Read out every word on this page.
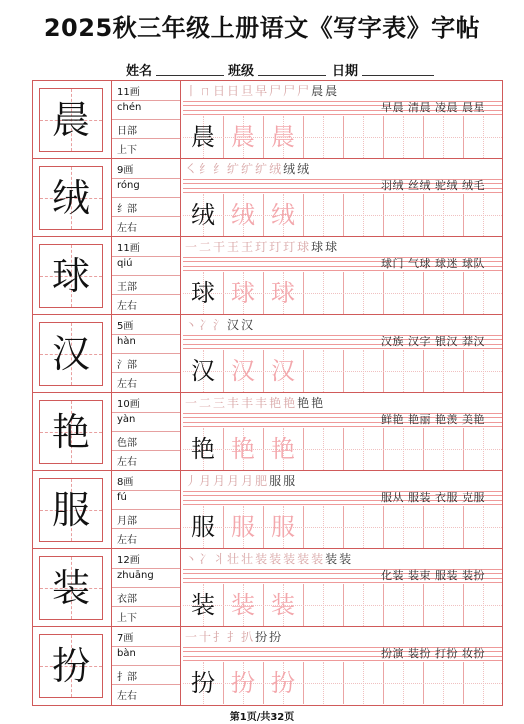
2025秋三年级上册语文《写字表》字帖
姓名	班级	日期
晨
11画
chén
日部
上下
丨ㄇ日日旦早尸尸尸晨晨
晨 晨 晨
早晨 清晨 凌晨 晨星
绒
9画
róng
纟部
左右
㇛纟纟纩纩纩绒绒绒
绒 绒 绒
羽绒 丝绒 驼绒 绒毛
球
11画
qiú
王部
左右
一二干王王玎玎玎球球球
球 球 球
球门 气球 球迷 球队
汉
5画
hàn
氵部
左右
丶冫氵汉汉
汉 汉 汉
汉族 汉字 银汉 莽汉
艳
10画
yàn
色部
左右
一二三丰丰丰艳艳艳艳
艳 艳 艳
鲜艳 艳丽 艳羡 美艳
服
8画
fú
月部
左右
丿月月月月肥服服
服 服 服
服从 服装 衣服 克服
装
12画
zhuāng
衣部
上下
丶冫丬壮壮装装装装装装装
装 装 装
化装 装束 服装 装扮
扮
7画
bàn
扌部
左右
一十扌扌扒扮扮
扮 扮 扮
扮演 装扮 打扮 妆扮
第1页/共32页
